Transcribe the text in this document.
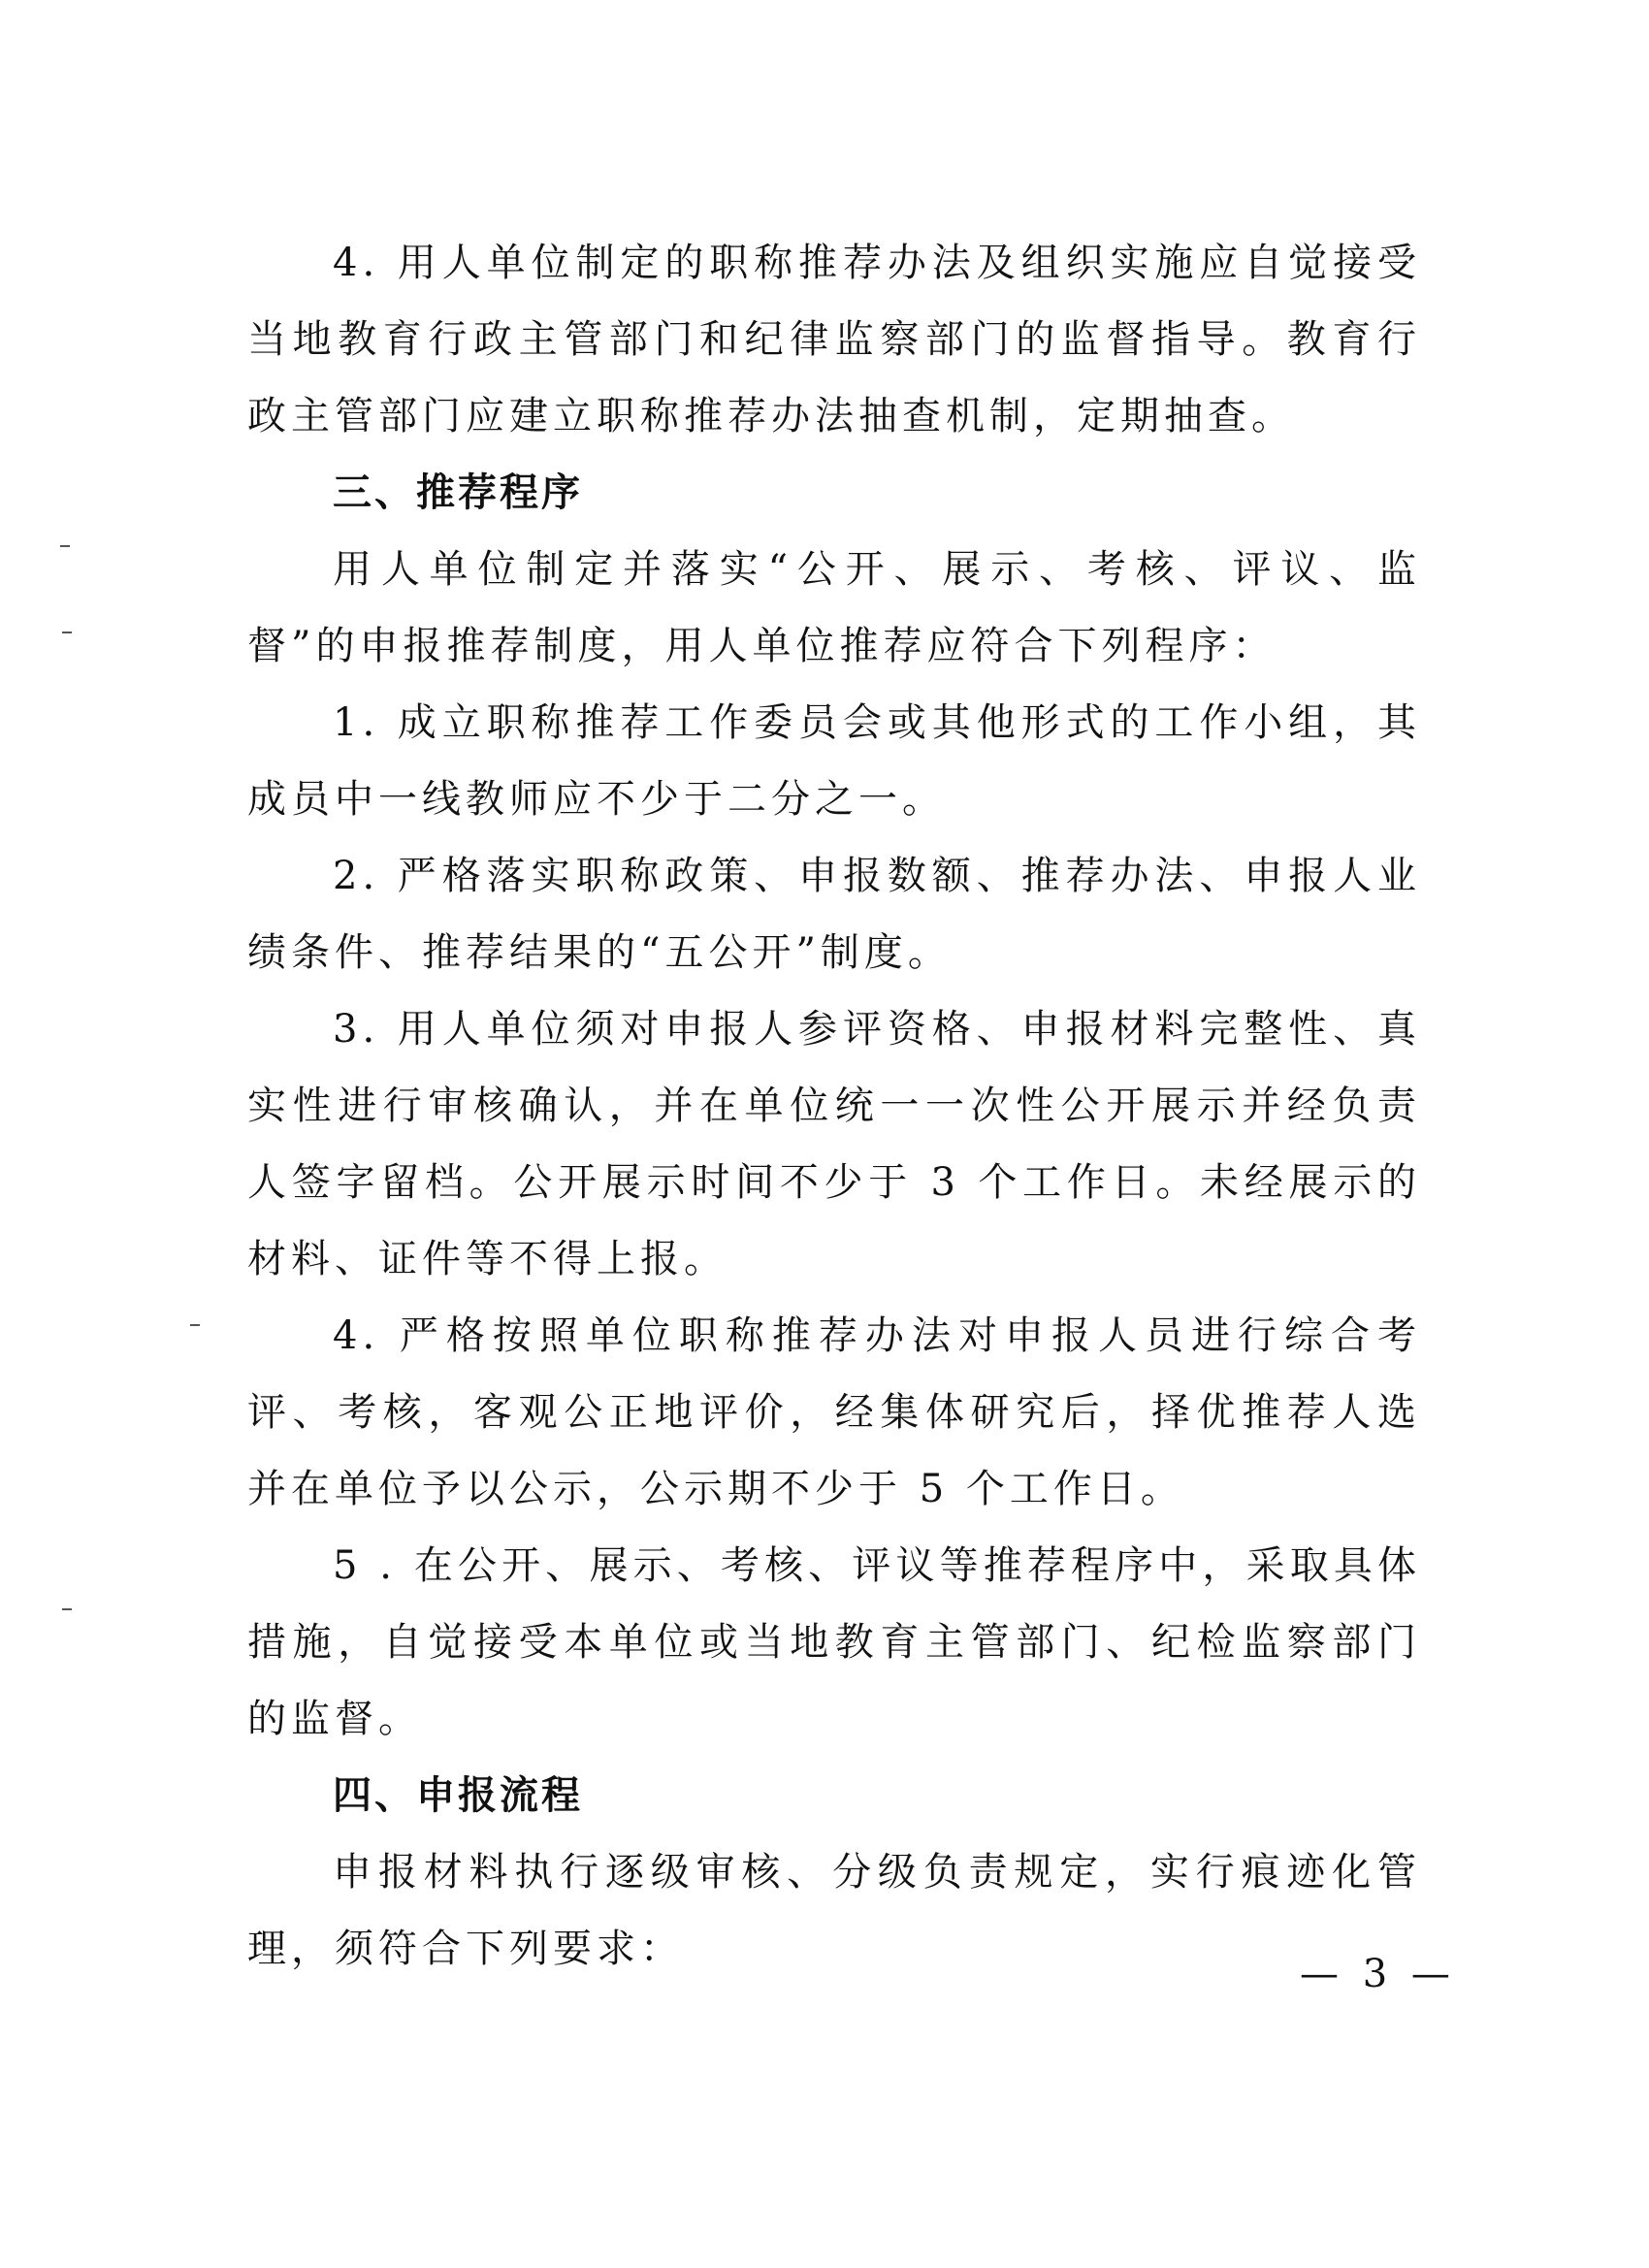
4. 用人单位制定的职称推荐办法及组织实施应自觉接受当地教育行政主管部门和纪律监察部门的监督指导。教育行政主管部门应建立职称推荐办法抽查机制，定期抽查。

三、推荐程序

用人单位制定并落实“公开、展示、考核、评议、监督”的申报推荐制度，用人单位推荐应符合下列程序：

1. 成立职称推荐工作委员会或其他形式的工作小组，其成员中一线教师应不少于二分之一。

2. 严格落实职称政策、申报数额、推荐办法、申报人业绩条件、推荐结果的“五公开”制度。

3. 用人单位须对申报人参评资格、申报材料完整性、真实性进行审核确认，并在单位统一一次性公开展示并经负责人签字留档。公开展示时间不少于 3 个工作日。未经展示的材料、证件等不得上报。

4. 严格按照单位职称推荐办法对申报人员进行综合考评、考核，客观公正地评价，经集体研究后，择优推荐人选并在单位予以公示，公示期不少于 5 个工作日。

5 . 在公开、展示、考核、评议等推荐程序中，采取具体措施，自觉接受本单位或当地教育主管部门、纪检监察部门的监督。

四、申报流程

申报材料执行逐级审核、分级负责规定，实行痕迹化管理，须符合下列要求：

— 3 —
